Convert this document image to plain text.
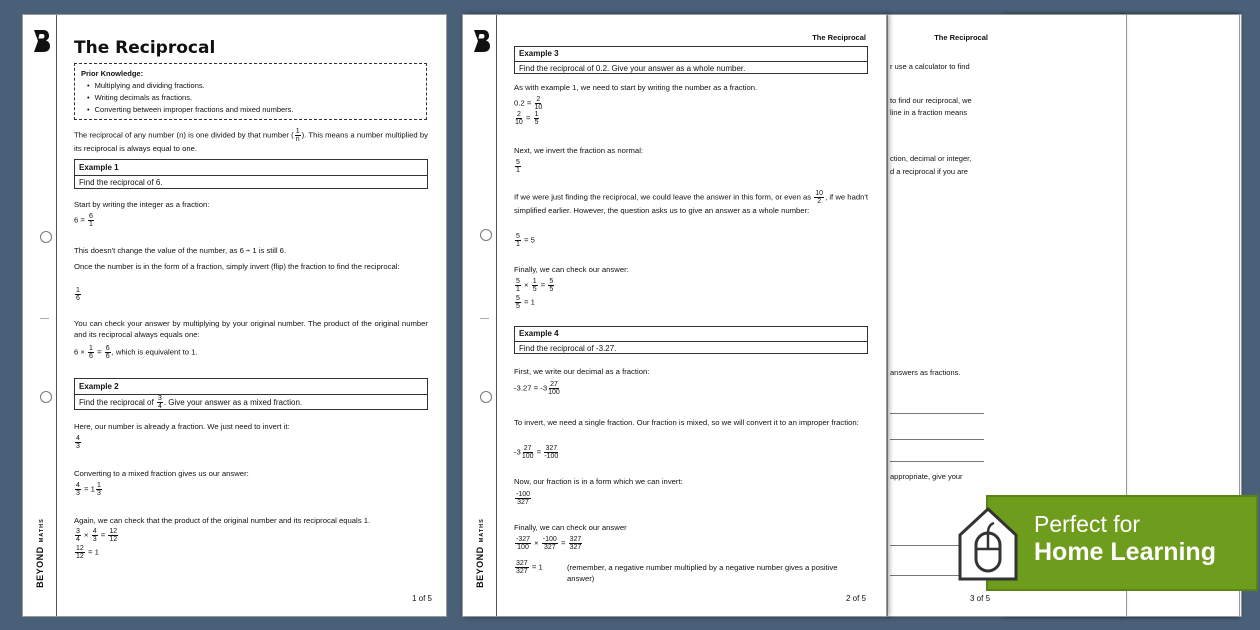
The Reciprocal
r use a calculator to find
to find our reciprocal, we
line in a fraction means
ction, decimal or integer,
d a reciprocal if you are
answers as fractions.
appropriate, give your
3 of 5
BEYOND
MATHS
The Reciprocal
Example 3
Find the reciprocal of 0.2. Give your answer as a whole number.
As with example 1, we need to start by writing the number as a fraction.
$0.2 = \frac{2}{10}$
$\frac{2}{10} = \frac{1}{5}$
Next, we invert the fraction as normal:
$\frac{5}{1}$
If we were just finding the reciprocal, we could leave the answer in this form, or even as $\frac{10}{2}$ , if we hadn't simplified earlier. However, the question asks us to give an answer as a whole number:
$\frac{5}{1} = 5$
Finally, we can check our answer:
$\frac{5}{1} \times \frac{1}{5} = \frac{5}{5}$
$\frac{5}{5} = 1$
Example 4
Find the reciprocal of -3.27.
First, we write our decimal as a fraction:
$-3.27 = -3 \frac{27}{100}$
To invert, we need a single fraction. Our fraction is mixed, so we will convert it to an improper fraction:
$-3 \frac{27}{100} = \frac{327}{-100}$
Now, our fraction is in a form which we can invert:
$\frac{-100}{327}$
Finally, we can check our answer
$\frac{-327}{100} \times \frac{-100}{327} = \frac{327}{327}$
$\frac{327}{327} = 1$	(remember, a negative number multiplied by a negative number gives a positive answer)
2 of 5
BEYOND
MATHS
The Reciprocal
Prior Knowledge:
• Multiplying and dividing fractions.
• Writing decimals as fractions.
• Converting between improper fractions and mixed numbers.
The reciprocal of any number (n) is one divided by that number ( $\frac{1}{n}$ ). This means a number multiplied by its reciprocal is always equal to one.
Example 1
Find the reciprocal of 6.
Start by writing the integer as a fraction:
$6 = \frac{6}{1}$
This doesn't change the value of the number, as 6 ÷ 1 is still 6.
Once the number is in the form of a fraction, simply invert (flip) the fraction to find the reciprocal:
$\frac{1}{6}$
You can check your answer by multiplying by your original number. The product of the original number and its reciprocal always equals one:
$6 \times \frac{1}{6} = \frac{6}{6}$ , which is equivalent to 1.
Example 2
Find the reciprocal of $\frac{3}{4}$ . Give your answer as a mixed fraction.
Here, our number is already a fraction. We just need to invert it:
$\frac{4}{3}$
Converting to a mixed fraction gives us our answer:
$\frac{4}{3} = 1 \frac{1}{3}$
Again, we can check that the product of the original number and its reciprocal equals 1.
$\frac{3}{4} \times \frac{4}{3} = \frac{12}{12}$
$\frac{12}{12} = 1$
1 of 5
Perfect for
Home Learning
